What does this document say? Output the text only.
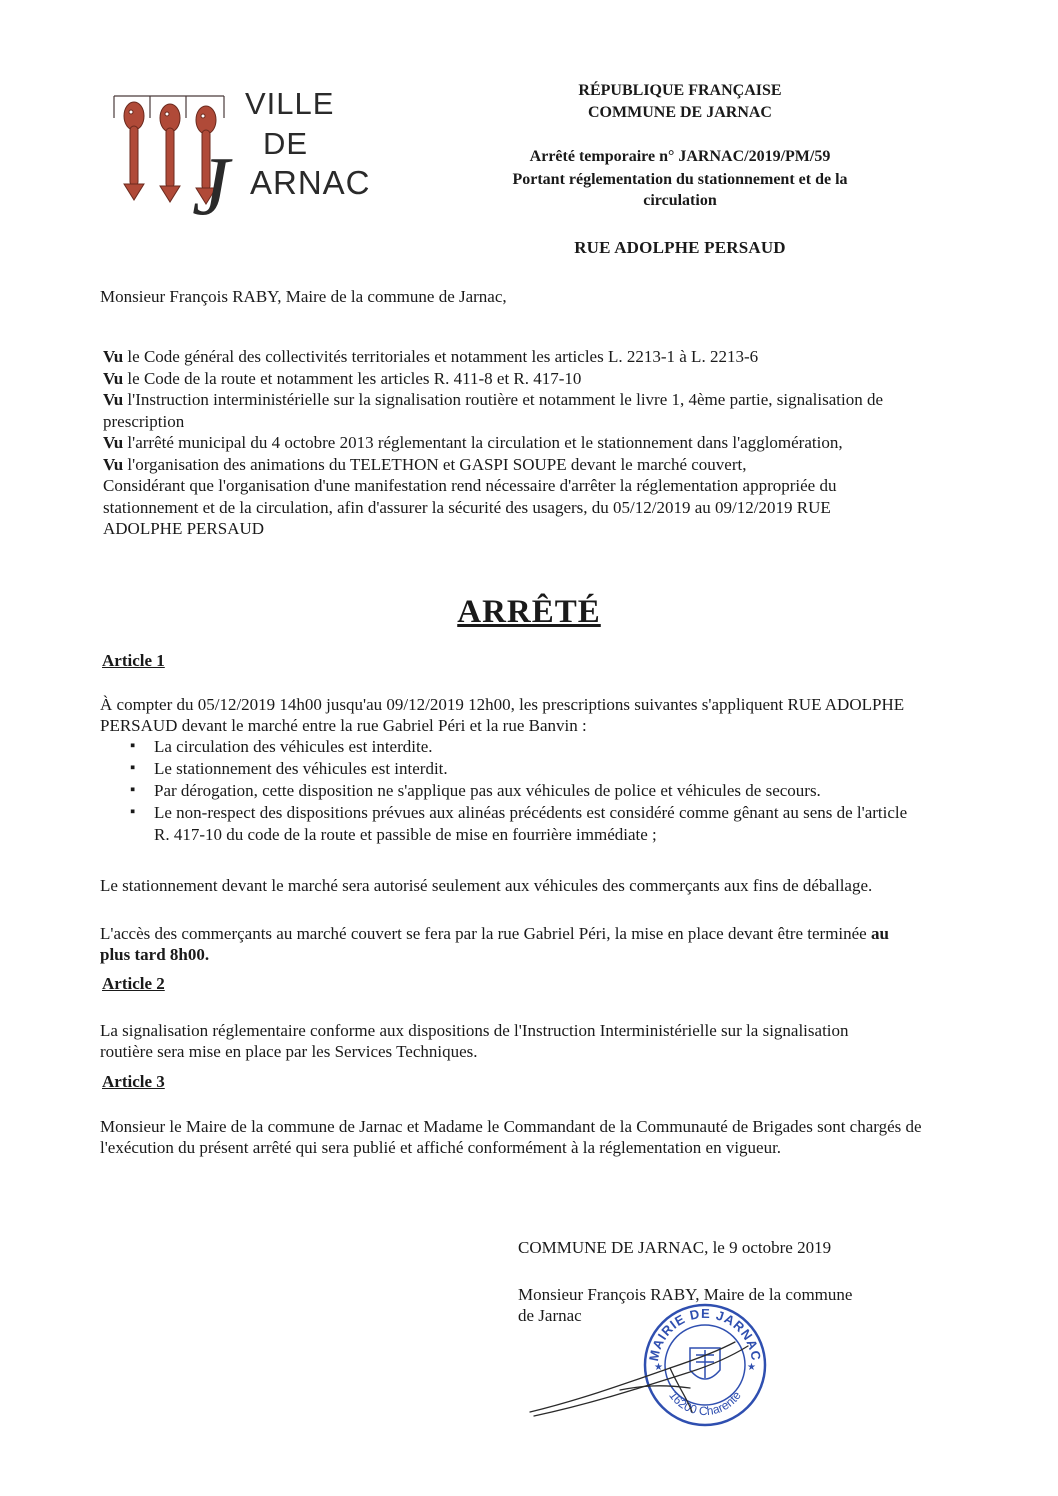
VILLE
DE
J ARNAC
RÉPUBLIQUE FRANÇAISE
COMMUNE DE JARNAC
Arrêté temporaire n° JARNAC/2019/PM/59
Portant réglementation du stationnement et de la
circulation
RUE ADOLPHE PERSAUD
Monsieur François RABY, Maire de la commune de Jarnac,

Vu le Code général des collectivités territoriales et notamment les articles L. 2213-1 à L. 2213-6

Vu le Code de la route et notamment les articles R. 411-8 et R. 417-10

Vu l'Instruction interministérielle sur la signalisation routière et notamment le livre 1, 4ème partie, signalisation de prescription

Vu l'arrêté municipal du 4 octobre 2013 réglementant la circulation et le stationnement dans l'agglomération,

Vu l'organisation des animations du TELETHON et GASPI SOUPE devant le marché couvert,

Considérant que l'organisation d'une manifestation rend nécessaire d'arrêter la réglementation appropriée du stationnement et de la circulation, afin d'assurer la sécurité des usagers, du 05/12/2019 au 09/12/2019 RUE ADOLPHE PERSAUD

ARRÊTÉ
Article 1
À compter du 05/12/2019 14h00 jusqu'au 09/12/2019 12h00, les prescriptions suivantes s'appliquent RUE ADOLPHE PERSAUD devant le marché entre la rue Gabriel Péri et la rue Banvin :
▪ La circulation des véhicules est interdite.
▪ Le stationnement des véhicules est interdit.
▪ Par dérogation, cette disposition ne s'applique pas aux véhicules de police et véhicules de secours.
▪ Le non-respect des dispositions prévues aux alinéas précédents est considéré comme gênant au sens de l'article R. 417-10 du code de la route et passible de mise en fourrière immédiate ;
Le stationnement devant le marché sera autorisé seulement aux véhicules des commerçants aux fins de déballage.
L'accès des commerçants au marché couvert se fera par la rue Gabriel Péri, la mise en place devant être terminée au plus tard 8h00.
Article 2
La signalisation réglementaire conforme aux dispositions de l'Instruction Interministérielle sur la signalisation routière sera mise en place par les Services Techniques.
Article 3
Monsieur le Maire de la commune de Jarnac et Madame le Commandant de la Communauté de Brigades sont chargés de l'exécution du présent arrêté qui sera publié et affiché conformément à la réglementation en vigueur.
COMMUNE DE JARNAC, le 9 octobre 2019
Monsieur François RABY, Maire de la commune
de Jarnac
MAIRIE DE JARNAC
16200 Charente
★	★
